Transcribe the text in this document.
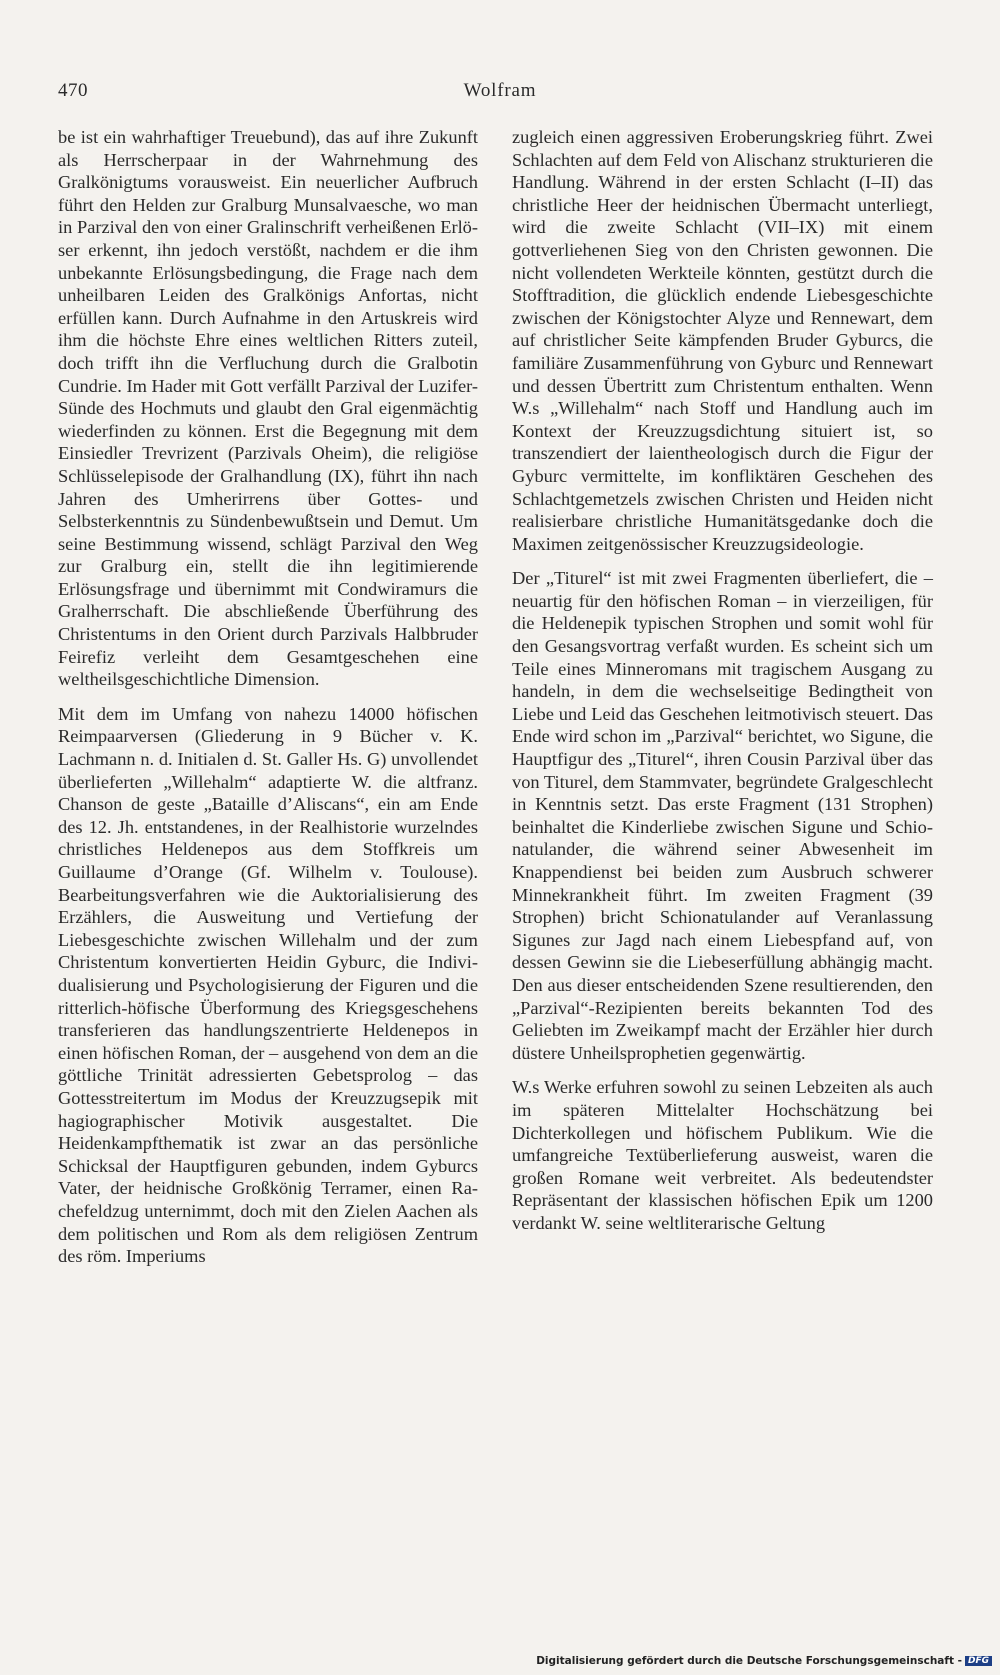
470	Wolfram

be ist ein wahrhaftiger Treuebund), das auf ihre Zukunft als Herrscherpaar in der Wahrnehmung des Gralkönigtums vorausweist. Ein neuerlicher Aufbruch führt den Helden zur Gralburg Munsalvaesche, wo man in Parzival den von einer Gralinschrift verheißenen Erlöser erkennt, ihn jedoch verstößt, nachdem er die ihm unbekannte Erlösungsbedingung, die Frage nach dem unheilbaren Leiden des Gralkönigs Anfortas, nicht erfüllen kann. Durch Aufnahme in den Artuskreis wird ihm die höchste Ehre eines weltlichen Ritters zuteil, doch trifft ihn die Verfluchung durch die Gralbotin Cundrie. Im Hader mit Gott verfällt Parzival der Luzifer-Sünde des Hochmuts und glaubt den Gral eigenmächtig wiederfinden zu können. Erst die Begegnung mit dem Einsiedler Trevrizent (Parzivals Oheim), die religiöse Schlüsselepisode der Gralhandlung (IX), führt ihn nach Jahren des Umherirrens über Gottes- und Selbsterkenntnis zu Sündenbewußtsein und Demut. Um seine Bestimmung wissend, schlägt Parzival den Weg zur Gralburg ein, stellt die ihn legitimierende Erlösungsfrage und übernimmt mit Condwiramurs die Gralherrschaft. Die abschließende Überführung des Christentums in den Orient durch Parzivals Halbbruder Feirefiz verleiht dem Gesamtgeschehen eine weltheilsgeschichtliche Dimension.

Mit dem im Umfang von nahezu 14000 höfischen Reimpaarversen (Gliederung in 9 Bücher v. K. Lachmann n. d. Initialen d. St. Galler Hs. G) unvollendet überlieferten „Willehalm“ adaptierte W. die altfranz. Chanson de geste „Bataille d’Aliscans“, ein am Ende des 12. Jh. entstandenes, in der Realhistorie wurzelndes christliches Heldenepos aus dem Stoffkreis um Guillaume d’Orange (Gf. Wilhelm v. Toulouse). Bearbeitungsverfahren wie die Auktorialisierung des Erzählers, die Ausweitung und Vertiefung der Liebesgeschichte zwischen Willehalm und der zum Christentum konvertierten Heidin Gyburc, die Individualisierung und Psychologisierung der Figuren und die ritterlich-höfische Überformung des Kriegsgeschehens transferieren das handlungszentrierte Heldenepos in einen höfischen Roman, der – ausgehend von dem an die göttliche Trinität adressierten Gebetsprolog – das Gottesstreitertum im Modus der Kreuzzugsepik mit hagiographischer Motivik ausgestaltet. Die Heidenkampfthematik ist zwar an das persönliche Schicksal der Hauptfiguren gebunden, indem Gyburcs Vater, der heidnische Großkönig Terramer, einen Rachefeldzug unternimmt, doch mit den Zielen Aachen als dem politischen und Rom als dem religiösen Zentrum des röm. Imperiums

zugleich einen aggressiven Eroberungskrieg führt. Zwei Schlachten auf dem Feld von Alischanz strukturieren die Handlung. Während in der ersten Schlacht (I–II) das christliche Heer der heidnischen Übermacht unterliegt, wird die zweite Schlacht (VII–IX) mit einem gottverliehenen Sieg von den Christen gewonnen. Die nicht vollendeten Werkteile könnten, gestützt durch die Stofftradition, die glücklich endende Liebesgeschichte zwischen der Königstochter Alyze und Rennewart, dem auf christlicher Seite kämpfenden Bruder Gyburcs, die familiäre Zusammenführung von Gyburc und Rennewart und dessen Übertritt zum Christentum enthalten. Wenn W.s „Willehalm“ nach Stoff und Handlung auch im Kontext der Kreuzzugsdichtung situiert ist, so transzendiert der laientheologisch durch die Figur der Gyburc vermittelte, im konfliktären Geschehen des Schlachtgemetzels zwischen Christen und Heiden nicht realisierbare christliche Humanitätsgedanke doch die Maximen zeitgenössischer Kreuzzugsideologie.

Der „Titurel“ ist mit zwei Fragmenten überliefert, die – neuartig für den höfischen Roman – in vierzeiligen, für die Heldenepik typischen Strophen und somit wohl für den Gesangsvortrag verfaßt wurden. Es scheint sich um Teile eines Minneromans mit tragischem Ausgang zu handeln, in dem die wechselseitige Bedingtheit von Liebe und Leid das Geschehen leitmotivisch steuert. Das Ende wird schon im „Parzival“ berichtet, wo Sigune, die Hauptfigur des „Titurel“, ihren Cousin Parzival über das von Titurel, dem Stammvater, begründete Gralgeschlecht in Kenntnis setzt. Das erste Fragment (131 Strophen) beinhaltet die Kinderliebe zwischen Sigune und Schionatulander, die während seiner Abwesenheit im Knappendienst bei beiden zum Ausbruch schwerer Minnekrankheit führt. Im zweiten Fragment (39 Strophen) bricht Schionatulander auf Veranlassung Sigunes zur Jagd nach einem Liebespfand auf, von dessen Gewinn sie die Liebeserfüllung abhängig macht. Den aus dieser entscheidenden Szene resultierenden, den „Parzival“-Rezipienten bereits bekannten Tod des Geliebten im Zweikampf macht der Erzähler hier durch düstere Unheilsprophetien gegenwärtig.

W.s Werke erfuhren sowohl zu seinen Lebzeiten als auch im späteren Mittelalter Hochschätzung bei Dichterkollegen und höfischem Publikum. Wie die umfangreiche Textüberlieferung ausweist, waren die großen Romane weit verbreitet. Als bedeutendster Repräsentant der klassischen höfischen Epik um 1200 verdankt W. seine weltliterarische Geltung

Digitalisierung gefördert durch die Deutsche Forschungsgemeinschaft - DFG
